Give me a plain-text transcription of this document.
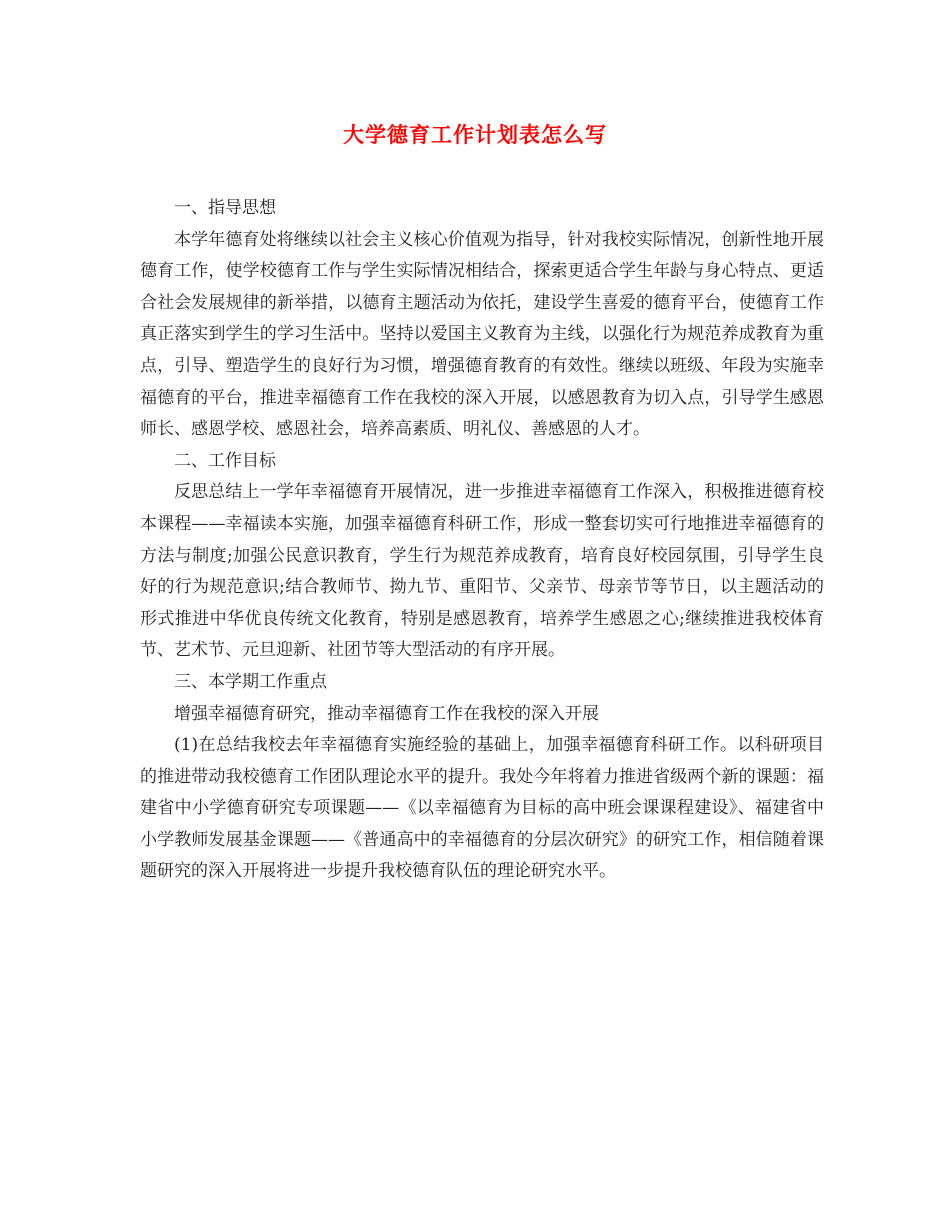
大学德育工作计划表怎么写

一、指导思想

本学年德育处将继续以社会主义核心价值观为指导，针对我校实际情况，创新性地开展德育工作，使学校德育工作与学生实际情况相结合，探索更适合学生年龄与身心特点、更适合社会发展规律的新举措，以德育主题活动为依托，建设学生喜爱的德育平台，使德育工作真正落实到学生的学习生活中。坚持以爱国主义教育为主线，以强化行为规范养成教育为重点，引导、塑造学生的良好行为习惯，增强德育教育的有效性。继续以班级、年段为实施幸福德育的平台，推进幸福德育工作在我校的深入开展，以感恩教育为切入点，引导学生感恩师长、感恩学校、感恩社会，培养高素质、明礼仪、善感恩的人才。

二、工作目标

反思总结上一学年幸福德育开展情况，进一步推进幸福德育工作深入，积极推进德育校本课程——幸福读本实施，加强幸福德育科研工作，形成一整套切实可行地推进幸福德育的方法与制度;加强公民意识教育，学生行为规范养成教育，培育良好校园氛围，引导学生良好的行为规范意识;结合教师节、拗九节、重阳节、父亲节、母亲节等节日，以主题活动的形式推进中华优良传统文化教育，特别是感恩教育，培养学生感恩之心;继续推进我校体育节、艺术节、元旦迎新、社团节等大型活动的有序开展。

三、本学期工作重点

增强幸福德育研究，推动幸福德育工作在我校的深入开展

(1)在总结我校去年幸福德育实施经验的基础上，加强幸福德育科研工作。以科研项目的推进带动我校德育工作团队理论水平的提升。我处今年将着力推进省级两个新的课题：福建省中小学德育研究专项课题——《以幸福德育为目标的高中班会课课程建设》、福建省中小学教师发展基金课题——《普通高中的幸福德育的分层次研究》的研究工作，相信随着课题研究的深入开展将进一步提升我校德育队伍的理论研究水平。
